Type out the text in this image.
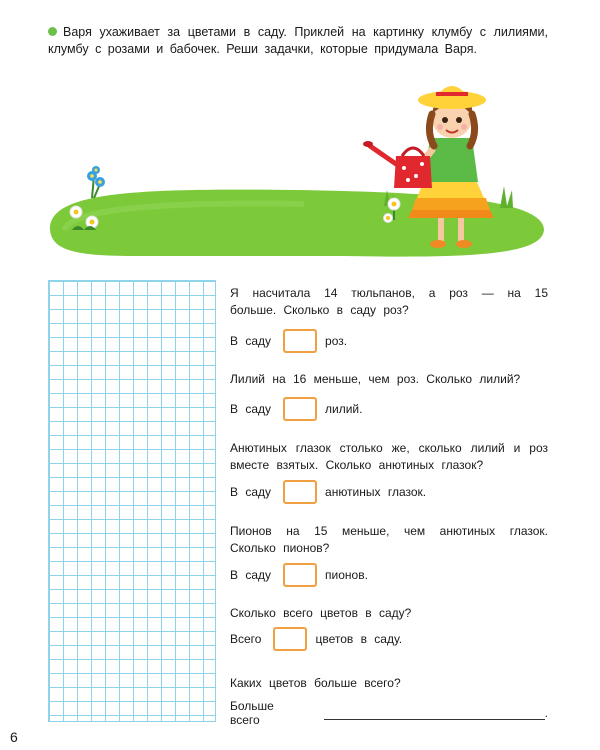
Варя ухаживает за цветами в саду. Приклей на картинку клумбу с лилиями, клумбу с розами и бабочек. Реши задачки, которые придумала Варя.
Я насчитала 14 тюльпанов, а роз — на 15 больше. Сколько в саду роз?
В саду	роз.
Лилий на 16 меньше, чем роз. Сколько лилий?
В саду	лилий.
Анютиных глазок столько же, сколько лилий и роз вместе взятых. Сколько анютиных глазок?
В саду	анютиных глазок.
Пионов на 15 меньше, чем анютиных глазок. Сколько пионов?
В саду	пионов.
Сколько всего цветов в саду?
Всего	цветов в саду.
Каких цветов больше всего?
Больше всего	.
6
